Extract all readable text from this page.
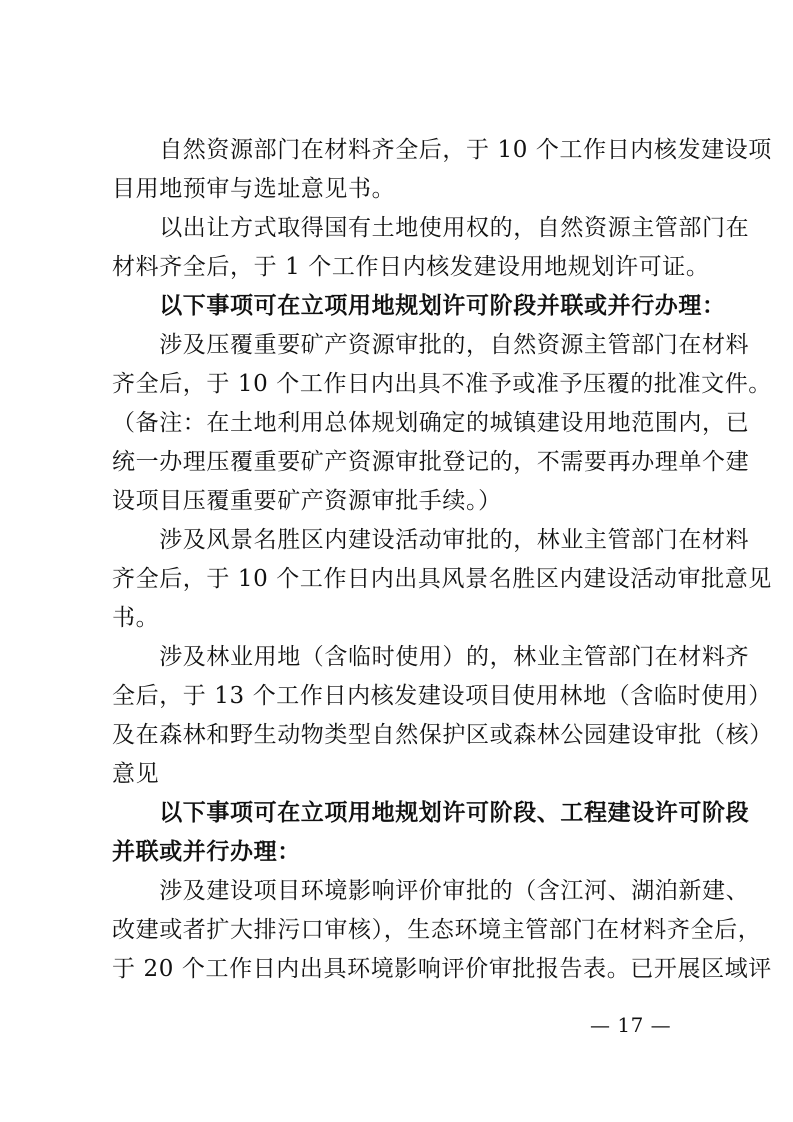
　　自然资源部门在材料齐全后，于 10 个工作日内核发建设项
目用地预审与选址意见书。
　　以出让方式取得国有土地使用权的，自然资源主管部门在
材料齐全后，于 1 个工作日内核发建设用地规划许可证。
　　以下事项可在立项用地规划许可阶段并联或并行办理：
　　涉及压覆重要矿产资源审批的，自然资源主管部门在材料
齐全后，于 10 个工作日内出具不准予或准予压覆的批准文件。
（备注：在土地利用总体规划确定的城镇建设用地范围内，已
统一办理压覆重要矿产资源审批登记的，不需要再办理单个建
设项目压覆重要矿产资源审批手续。）
　　涉及风景名胜区内建设活动审批的，林业主管部门在材料
齐全后，于 10 个工作日内出具风景名胜区内建设活动审批意见
书。
　　涉及林业用地（含临时使用）的，林业主管部门在材料齐
全后，于 13 个工作日内核发建设项目使用林地（含临时使用）
及在森林和野生动物类型自然保护区或森林公园建设审批（核）
意见
　　以下事项可在立项用地规划许可阶段、工程建设许可阶段
并联或并行办理：
　　涉及建设项目环境影响评价审批的（含江河、湖泊新建、
改建或者扩大排污口审核），生态环境主管部门在材料齐全后，
于 20 个工作日内出具环境影响评价审批报告表。已开展区域评
— 17 —
